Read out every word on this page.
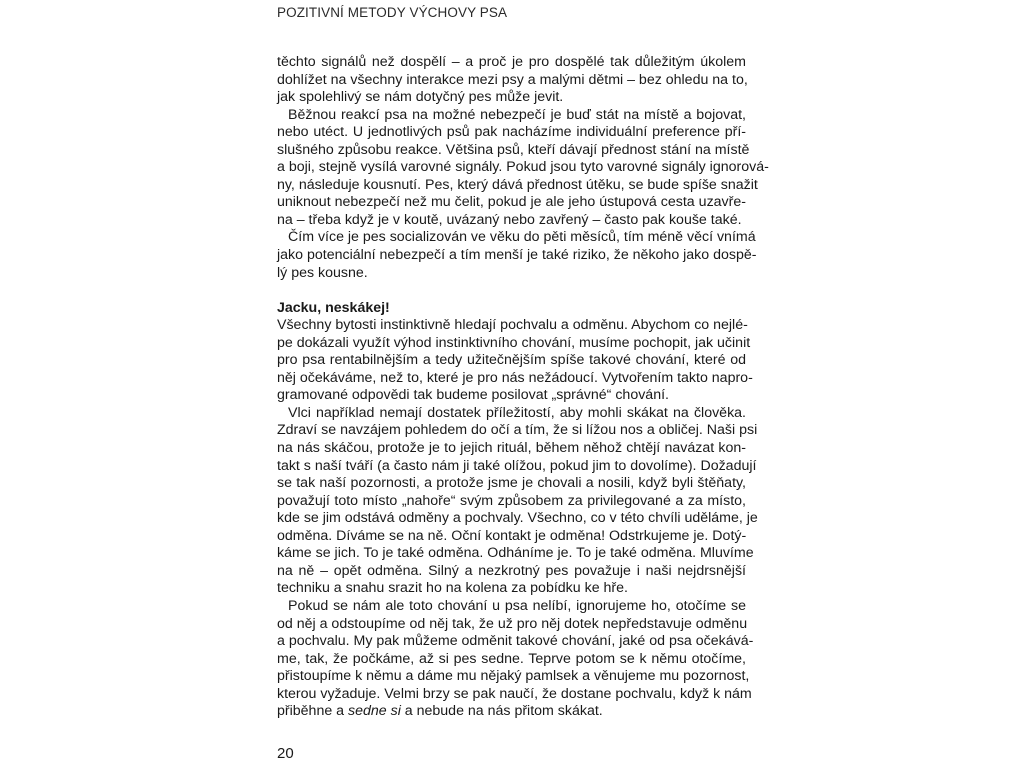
POZITIVNÍ METODY VÝCHOVY PSA
těchto signálů než dospělí – a proč je pro dospělé tak důležitým úkolem
dohlížet na všechny interakce mezi psy a malými dětmi – bez ohledu na to,
jak spolehlivý se nám dotyčný pes může jevit.
Běžnou reakcí psa na možné nebezpečí je buď stát na místě a bojovat,
nebo utéct. U jednotlivých psů pak nacházíme individuální preference pří-
slušného způsobu reakce. Většina psů, kteří dávají přednost stání na místě
a boji, stejně vysílá varovné signály. Pokud jsou tyto varovné signály ignorová-
ny, následuje kousnutí. Pes, který dává přednost útěku, se bude spíše snažit
uniknout nebezpečí než mu čelit, pokud je ale jeho ústupová cesta uzavře-
na – třeba když je v koutě, uvázaný nebo zavřený – často pak kouše také.
Čím více je pes socializován ve věku do pěti měsíců, tím méně věcí vnímá
jako potenciální nebezpečí a tím menší je také riziko, že někoho jako dospě-
lý pes kousne.
Jacku, neskákej!
Všechny bytosti instinktivně hledají pochvalu a odměnu. Abychom co nejlé-
pe dokázali využít výhod instinktivního chování, musíme pochopit, jak učinit
pro psa rentabilnějším a tedy užitečnějším spíše takové chování, které od
něj očekáváme, než to, které je pro nás nežádoucí. Vytvořením takto napro-
gramované odpovědi tak budeme posilovat „správné“ chování.
Vlci například nemají dostatek příležitostí, aby mohli skákat na člověka.
Zdraví se navzájem pohledem do očí a tím, že si lížou nos a obličej. Naši psi
na nás skáčou, protože je to jejich rituál, během něhož chtějí navázat kon-
takt s naší tváří (a často nám ji také olížou, pokud jim to dovolíme). Dožadují
se tak naší pozornosti, a protože jsme je chovali a nosili, když byli štěňaty,
považují toto místo „nahoře“ svým způsobem za privilegované a za místo,
kde se jim odstává odměny a pochvaly. Všechno, co v této chvíli uděláme, je
odměna. Díváme se na ně. Oční kontakt je odměna! Odstrkujeme je. Dotý-
káme se jich. To je také odměna. Odháníme je. To je také odměna. Mluvíme
na ně – opět odměna. Silný a nezkrotný pes považuje i naši nejdrsnější
techniku a snahu srazit ho na kolena za pobídku ke hře.
Pokud se nám ale toto chování u psa nelíbí, ignorujeme ho, otočíme se
od něj a odstoupíme od něj tak, že už pro něj dotek nepředstavuje odměnu
a pochvalu. My pak můžeme odměnit takové chování, jaké od psa očekává-
me, tak, že počkáme, až si pes sedne. Teprve potom se k němu otočíme,
přistoupíme k němu a dáme mu nějaký pamlsek a věnujeme mu pozornost,
kterou vyžaduje. Velmi brzy se pak naučí, že dostane pochvalu, když k nám
přiběhne a sedne si a nebude na nás přitom skákat.
20
